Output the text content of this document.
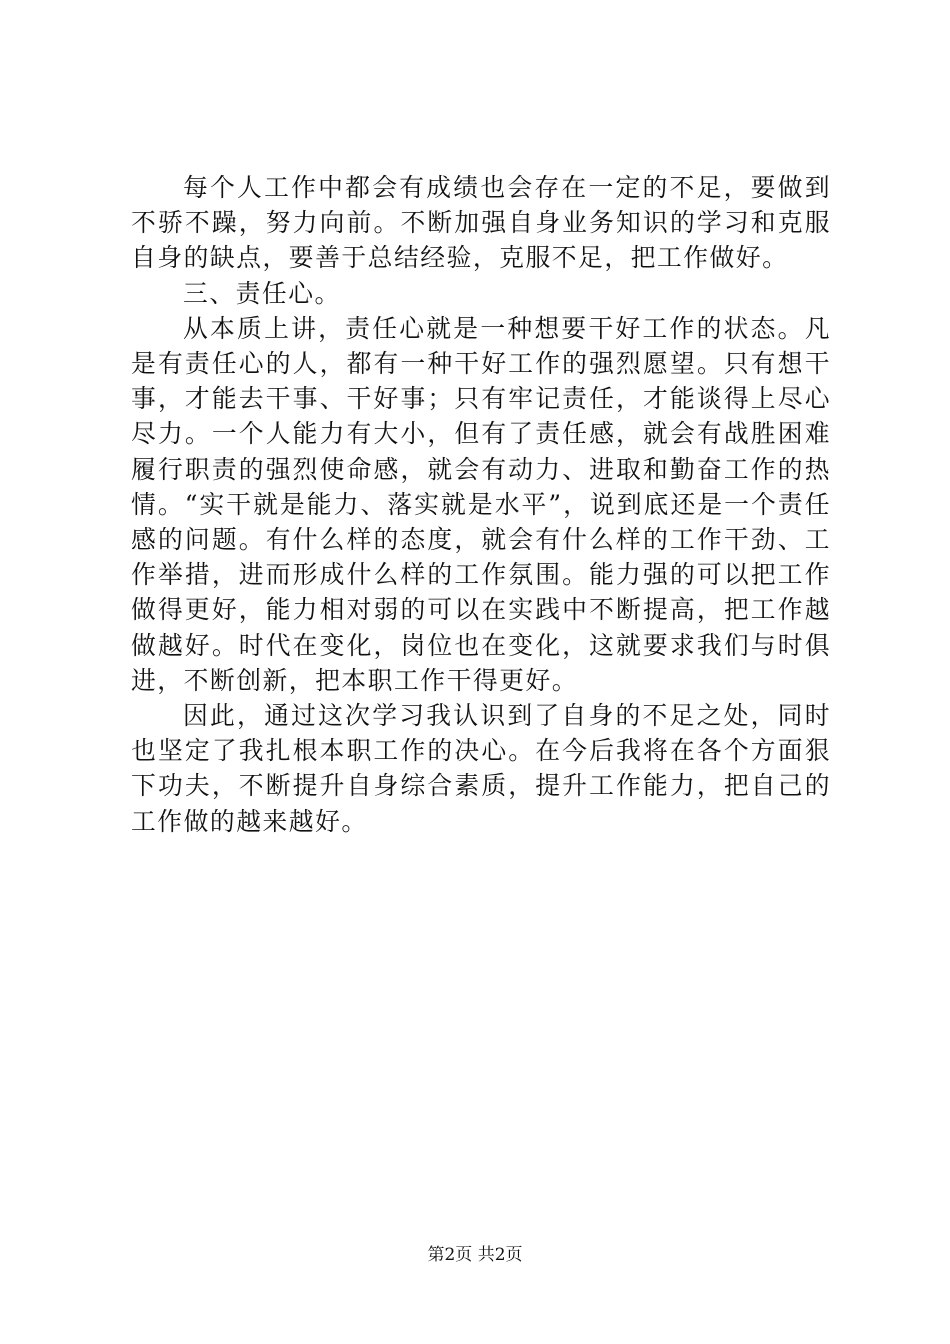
每个人工作中都会有成绩也会存在一定的不足，要做到不骄不躁，努力向前。不断加强自身业务知识的学习和克服自身的缺点，要善于总结经验，克服不足，把工作做好。

三、责任心。

从本质上讲，责任心就是一种想要干好工作的状态。凡是有责任心的人，都有一种干好工作的强烈愿望。只有想干事，才能去干事、干好事；只有牢记责任，才能谈得上尽心尽力。一个人能力有大小，但有了责任感，就会有战胜困难履行职责的强烈使命感，就会有动力、进取和勤奋工作的热情。“实干就是能力、落实就是水平”，说到底还是一个责任感的问题。有什么样的态度，就会有什么样的工作干劲、工作举措，进而形成什么样的工作氛围。能力强的可以把工作做得更好，能力相对弱的可以在实践中不断提高，把工作越做越好。时代在变化，岗位也在变化，这就要求我们与时俱进，不断创新，把本职工作干得更好。

因此，通过这次学习我认识到了自身的不足之处，同时也坚定了我扎根本职工作的决心。在今后我将在各个方面狠下功夫，不断提升自身综合素质，提升工作能力，把自己的工作做的越来越好。

第2页 共2页
